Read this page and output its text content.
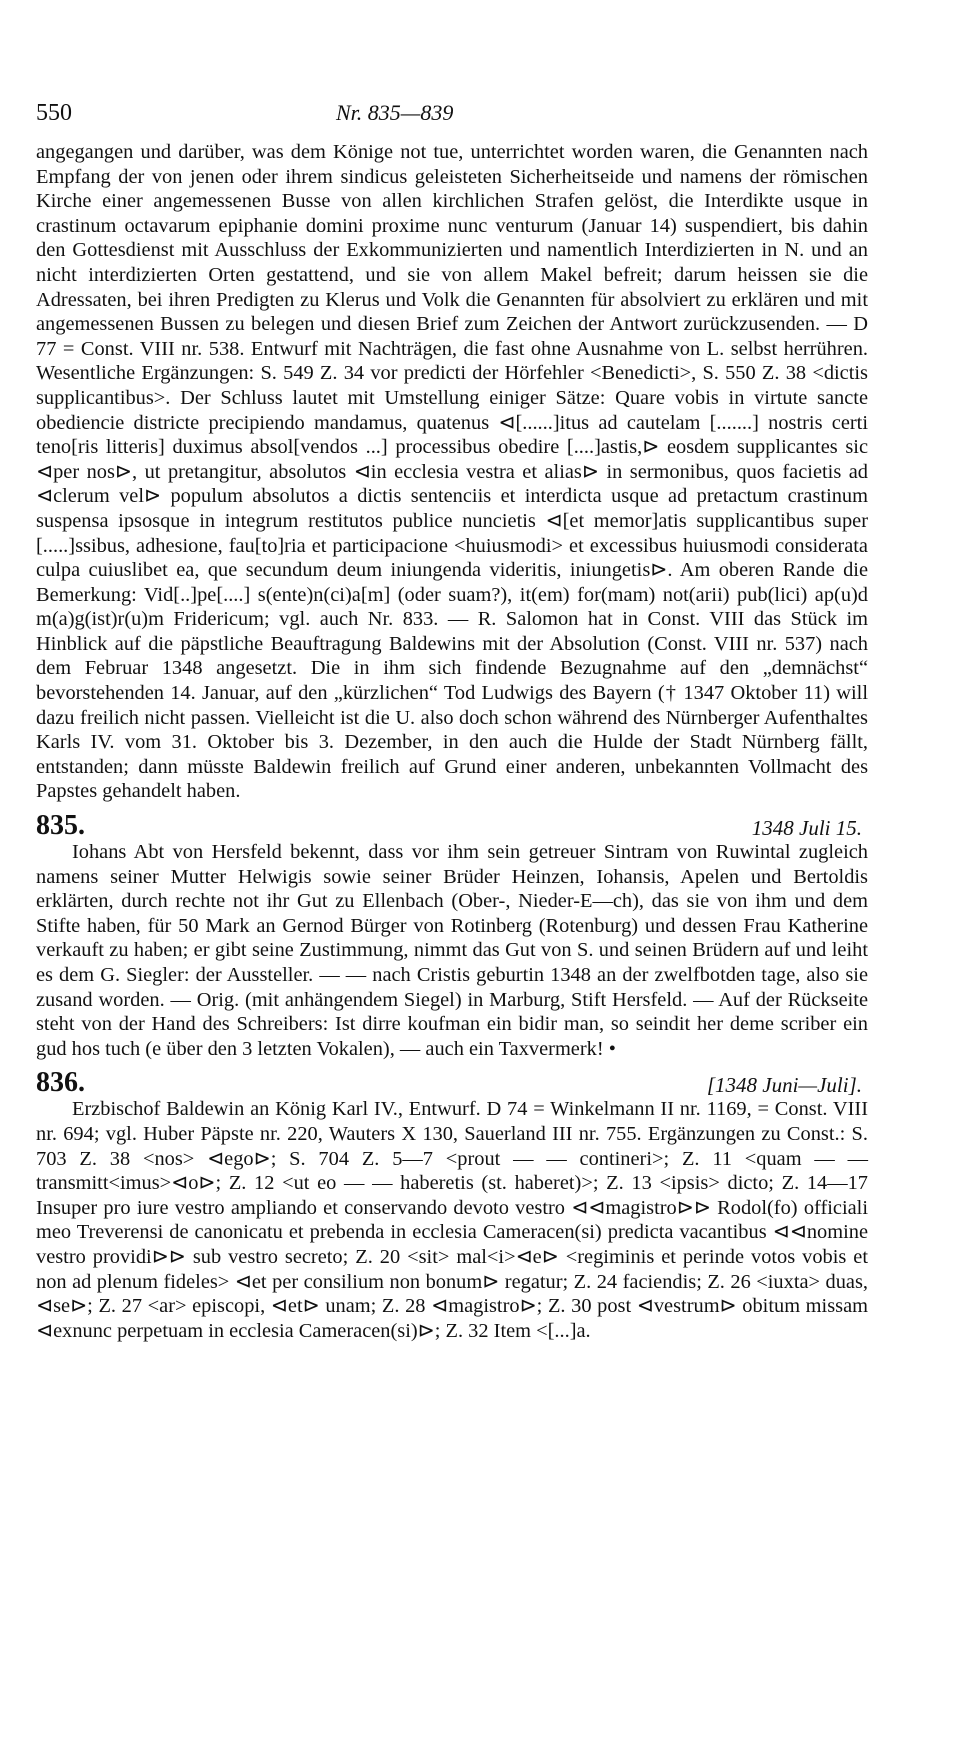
550	Nr. 835—839

angegangen und darüber, was dem Könige not tue, unterrichtet worden waren, die Genannten nach Empfang der von jenen oder ihrem sindicus geleisteten Sicherheitseide und namens der römischen Kirche einer angemessenen Busse von allen kirchlichen Strafen gelöst, die Interdikte usque in crastinum octavarum epiphanie domini proxime nunc venturum (Januar 14) suspendiert, bis dahin den Gottesdienst mit Ausschluss der Exkommunizierten und namentlich Interdizierten in N. und an nicht interdizierten Orten gestattend, und sie von allem Makel befreit; darum heissen sie die Adressaten, bei ihren Predigten zu Klerus und Volk die Genannten für absolviert zu erklären und mit angemessenen Bussen zu belegen und diesen Brief zum Zeichen der Antwort zurückzusenden. — D 77 = Const. VIII nr. 538. Entwurf mit Nachträgen, die fast ohne Ausnahme von L. selbst herrühren. Wesentliche Ergänzungen: S. 549 Z. 34 vor predicti der Hörfehler <Benedicti>, S. 550 Z. 38 <dictis supplicantibus>. Der Schluss lautet mit Umstellung einiger Sätze: Quare vobis in virtute sancte obediencie districte precipiendo mandamus, quatenus ⊲[......]itus ad cautelam [.......] nostris certi teno[ris litteris] duximus absol[vendos ...] processibus obedire [....]astis,⊳ eosdem supplicantes sic ⊲per nos⊳, ut pretangitur, absolutos ⊲in ecclesia vestra et alias⊳ in sermonibus, quos facietis ad ⊲clerum vel⊳ populum absolutos a dictis sentenciis et interdicta usque ad pretactum crastinum suspensa ipsosque in integrum restitutos publice nuncietis ⊲[et memor]atis supplicantibus super [.....]ssibus, adhesione, fau[to]ria et participacione <huiusmodi> et excessibus huiusmodi considerata culpa cuiuslibet ea, que secundum deum iniungenda videritis, iniungetis⊳. Am oberen Rande die Bemerkung: Vid[..]pe[....] s(ente)n(ci)a[m] (oder suam?), it(em) for(mam) not(arii) pub(lici) ap(u)d m(a)g(ist)r(u)m Fridericum; vgl. auch Nr. 833. — R. Salomon hat in Const. VIII das Stück im Hinblick auf die päpstliche Beauftragung Baldewins mit der Absolution (Const. VIII nr. 537) nach dem Februar 1348 angesetzt. Die in ihm sich findende Bezugnahme auf den „demnächst“ bevorstehenden 14. Januar, auf den „kürzlichen“ Tod Ludwigs des Bayern († 1347 Oktober 11) will dazu freilich nicht passen. Vielleicht ist die U. also doch schon während des Nürnberger Aufenthaltes Karls IV. vom 31. Oktober bis 3. Dezember, in den auch die Hulde der Stadt Nürnberg fällt, entstanden; dann müsste Baldewin freilich auf Grund einer anderen, unbekannten Vollmacht des Papstes gehandelt haben.

835.	1348 Juli 15.

Iohans Abt von Hersfeld bekennt, dass vor ihm sein getreuer Sintram von Ruwintal zugleich namens seiner Mutter Helwigis sowie seiner Brüder Heinzen, Iohansis, Apelen und Bertoldis erklärten, durch rechte not ihr Gut zu Ellenbach (Ober-, Nieder-E—ch), das sie von ihm und dem Stifte haben, für 50 Mark an Gernod Bürger von Rotinberg (Rotenburg) und dessen Frau Katherine verkauft zu haben; er gibt seine Zustimmung, nimmt das Gut von S. und seinen Brüdern auf und leiht es dem G. Siegler: der Aussteller. — — nach Cristis geburtin 1348 an der zwelfbotden tage, also sie zusand worden. — Orig. (mit anhängendem Siegel) in Marburg, Stift Hersfeld. — Auf der Rückseite steht von der Hand des Schreibers: Ist dirre koufman ein bidir man, so seindit her deme scriber ein gud hos tuch (e über den 3 letzten Vokalen), — auch ein Taxvermerk! •

836.	[1348 Juni—Juli].

Erzbischof Baldewin an König Karl IV., Entwurf. D 74 = Winkelmann II nr. 1169, = Const. VIII nr. 694; vgl. Huber Päpste nr. 220, Wauters X 130, Sauerland III nr. 755. Ergänzungen zu Const.: S. 703 Z. 38 <nos> ⊲ego⊳; S. 704 Z. 5—7 <prout — — contineri>; Z. 11 <quam — — transmitt<imus>⊲o⊳; Z. 12 <ut eo — — haberetis (st. haberet)>; Z. 13 <ipsis> dicto; Z. 14—17 Insuper pro iure vestro ampliando et conservando devoto vestro ⊲⊲magistro⊳⊳ Rodol(fo) officiali meo Treverensi de canonicatu et prebenda in ecclesia Cameracen(si) predicta vacantibus ⊲⊲nomine vestro providi⊳⊳ sub vestro secreto; Z. 20 <sit> mal<i>⊲e⊳ <regiminis et perinde votos vobis et non ad plenum fideles> ⊲et per consilium non bonum⊳ regatur; Z. 24 faciendis; Z. 26 <iuxta> duas, ⊲se⊳; Z. 27 <ar> episcopi, ⊲et⊳ unam; Z. 28 ⊲magistro⊳; Z. 30 post ⊲vestrum⊳ obitum missam ⊲exnunc perpetuam in ecclesia Cameracen(si)⊳; Z. 32 Item <[...]a.
